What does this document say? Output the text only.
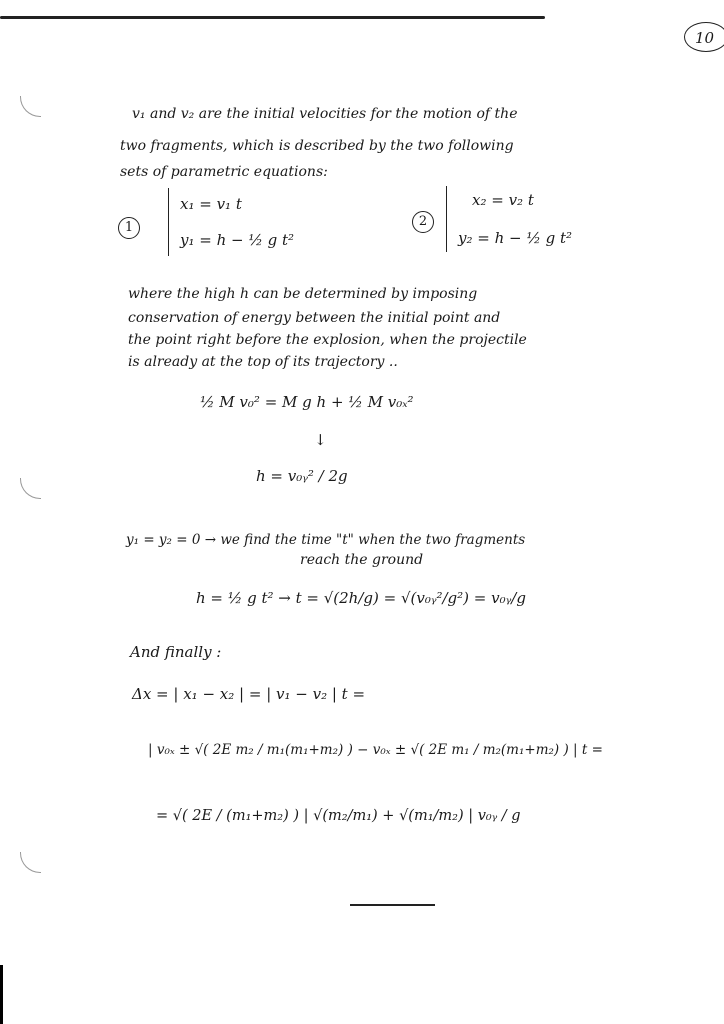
10
v₁ and v₂ are the initial velocities for the motion of the
two fragments, which is described by the two following
sets of parametric equations:
1
x₁ = v₁ t
y₁ = h − ½ g t²
2
x₂ = v₂ t
y₂ = h − ½ g t²
where the high h can be determined by imposing
conservation of energy between the initial point and
the point right before the explosion, when the projectile
is already at the top of its trajectory ..
½ M v₀² = M g h + ½ M v₀ₓ²
↓
h = v₀ᵧ² / 2g
y₁ = y₂ = 0 → we find the time "t" when the two fragments
reach the ground
h = ½ g t² → t = √(2h/g) = √(v₀ᵧ²/g²) = v₀ᵧ/g
And finally :
Δx = | x₁ − x₂ | = | v₁ − v₂ | t =
| v₀ₓ ± √( 2E m₂ / m₁(m₁+m₂) ) − v₀ₓ ± √( 2E m₁ / m₂(m₁+m₂) ) | t =
= √( 2E / (m₁+m₂) ) | √(m₂/m₁) + √(m₁/m₂) | v₀ᵧ / g
